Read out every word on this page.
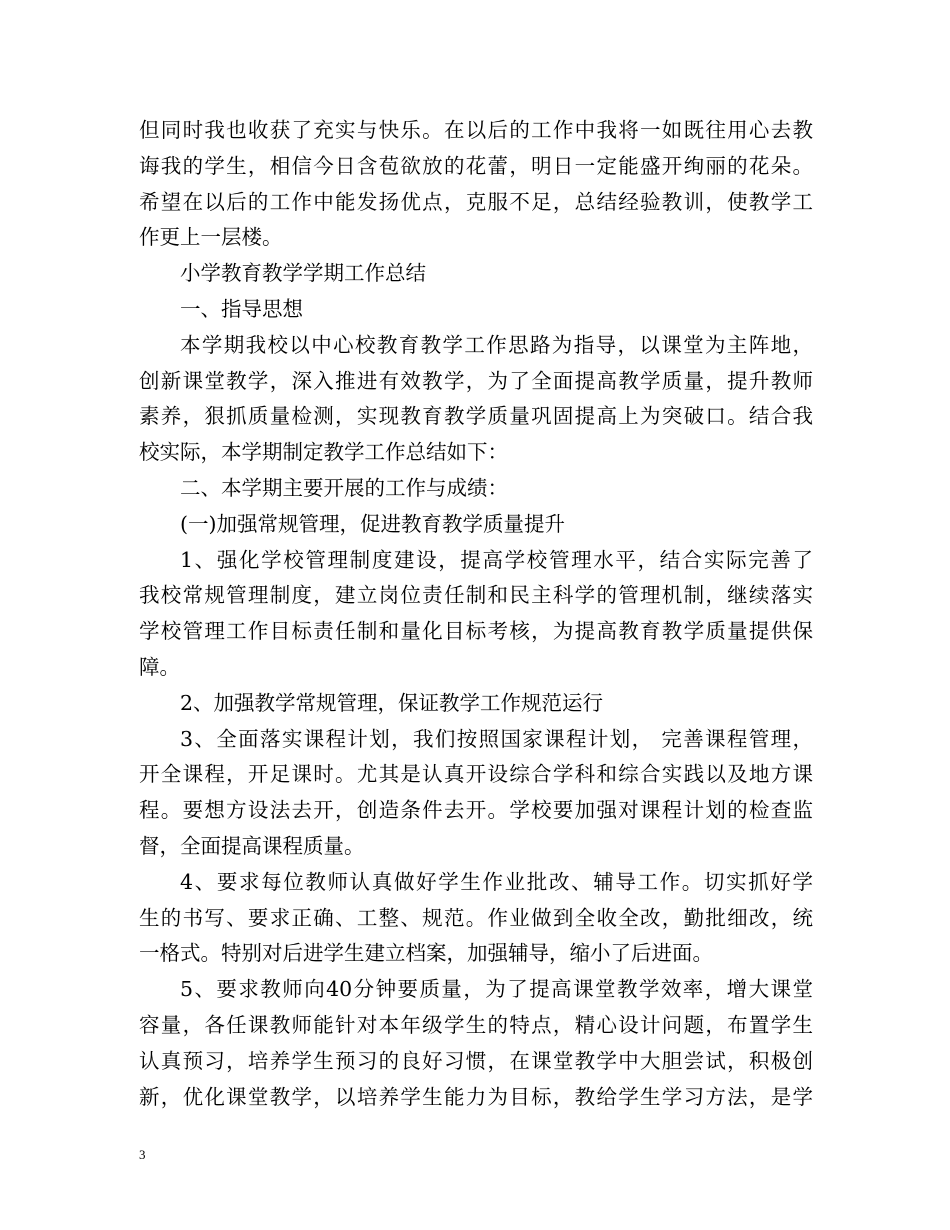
但同时我也收获了充实与快乐。在以后的工作中我将一如既往用心去教
诲我的学生，相信今日含苞欲放的花蕾，明日一定能盛开绚丽的花朵。
希望在以后的工作中能发扬优点，克服不足，总结经验教训，使教学工
作更上一层楼。
小学教育教学学期工作总结
一、指导思想
本学期我校以中心校教育教学工作思路为指导，以课堂为主阵地，
创新课堂教学，深入推进有效教学，为了全面提高教学质量，提升教师
素养，狠抓质量检测，实现教育教学质量巩固提高上为突破口。结合我
校实际，本学期制定教学工作总结如下：
二、本学期主要开展的工作与成绩：
(一)加强常规管理，促进教育教学质量提升
1、强化学校管理制度建设，提高学校管理水平，结合实际完善了
我校常规管理制度，建立岗位责任制和民主科学的管理机制，继续落实
学校管理工作目标责任制和量化目标考核，为提高教育教学质量提供保
障。
2、加强教学常规管理，保证教学工作规范运行
3、全面落实课程计划，我们按照国家课程计划， 完善课程管理，
开全课程，开足课时。尤其是认真开设综合学科和综合实践以及地方课
程。要想方设法去开，创造条件去开。学校要加强对课程计划的检查监
督，全面提高课程质量。
4、要求每位教师认真做好学生作业批改、辅导工作。切实抓好学
生的书写、要求正确、工整、规范。作业做到全收全改，勤批细改，统
一格式。特别对后进学生建立档案，加强辅导，缩小了后进面。
5、要求教师向40分钟要质量，为了提高课堂教学效率，增大课堂
容量，各任课教师能针对本年级学生的特点，精心设计问题，布置学生
认真预习，培养学生预习的良好习惯，在课堂教学中大胆尝试，积极创
新，优化课堂教学，以培养学生能力为目标，教给学生学习方法，是学
3
